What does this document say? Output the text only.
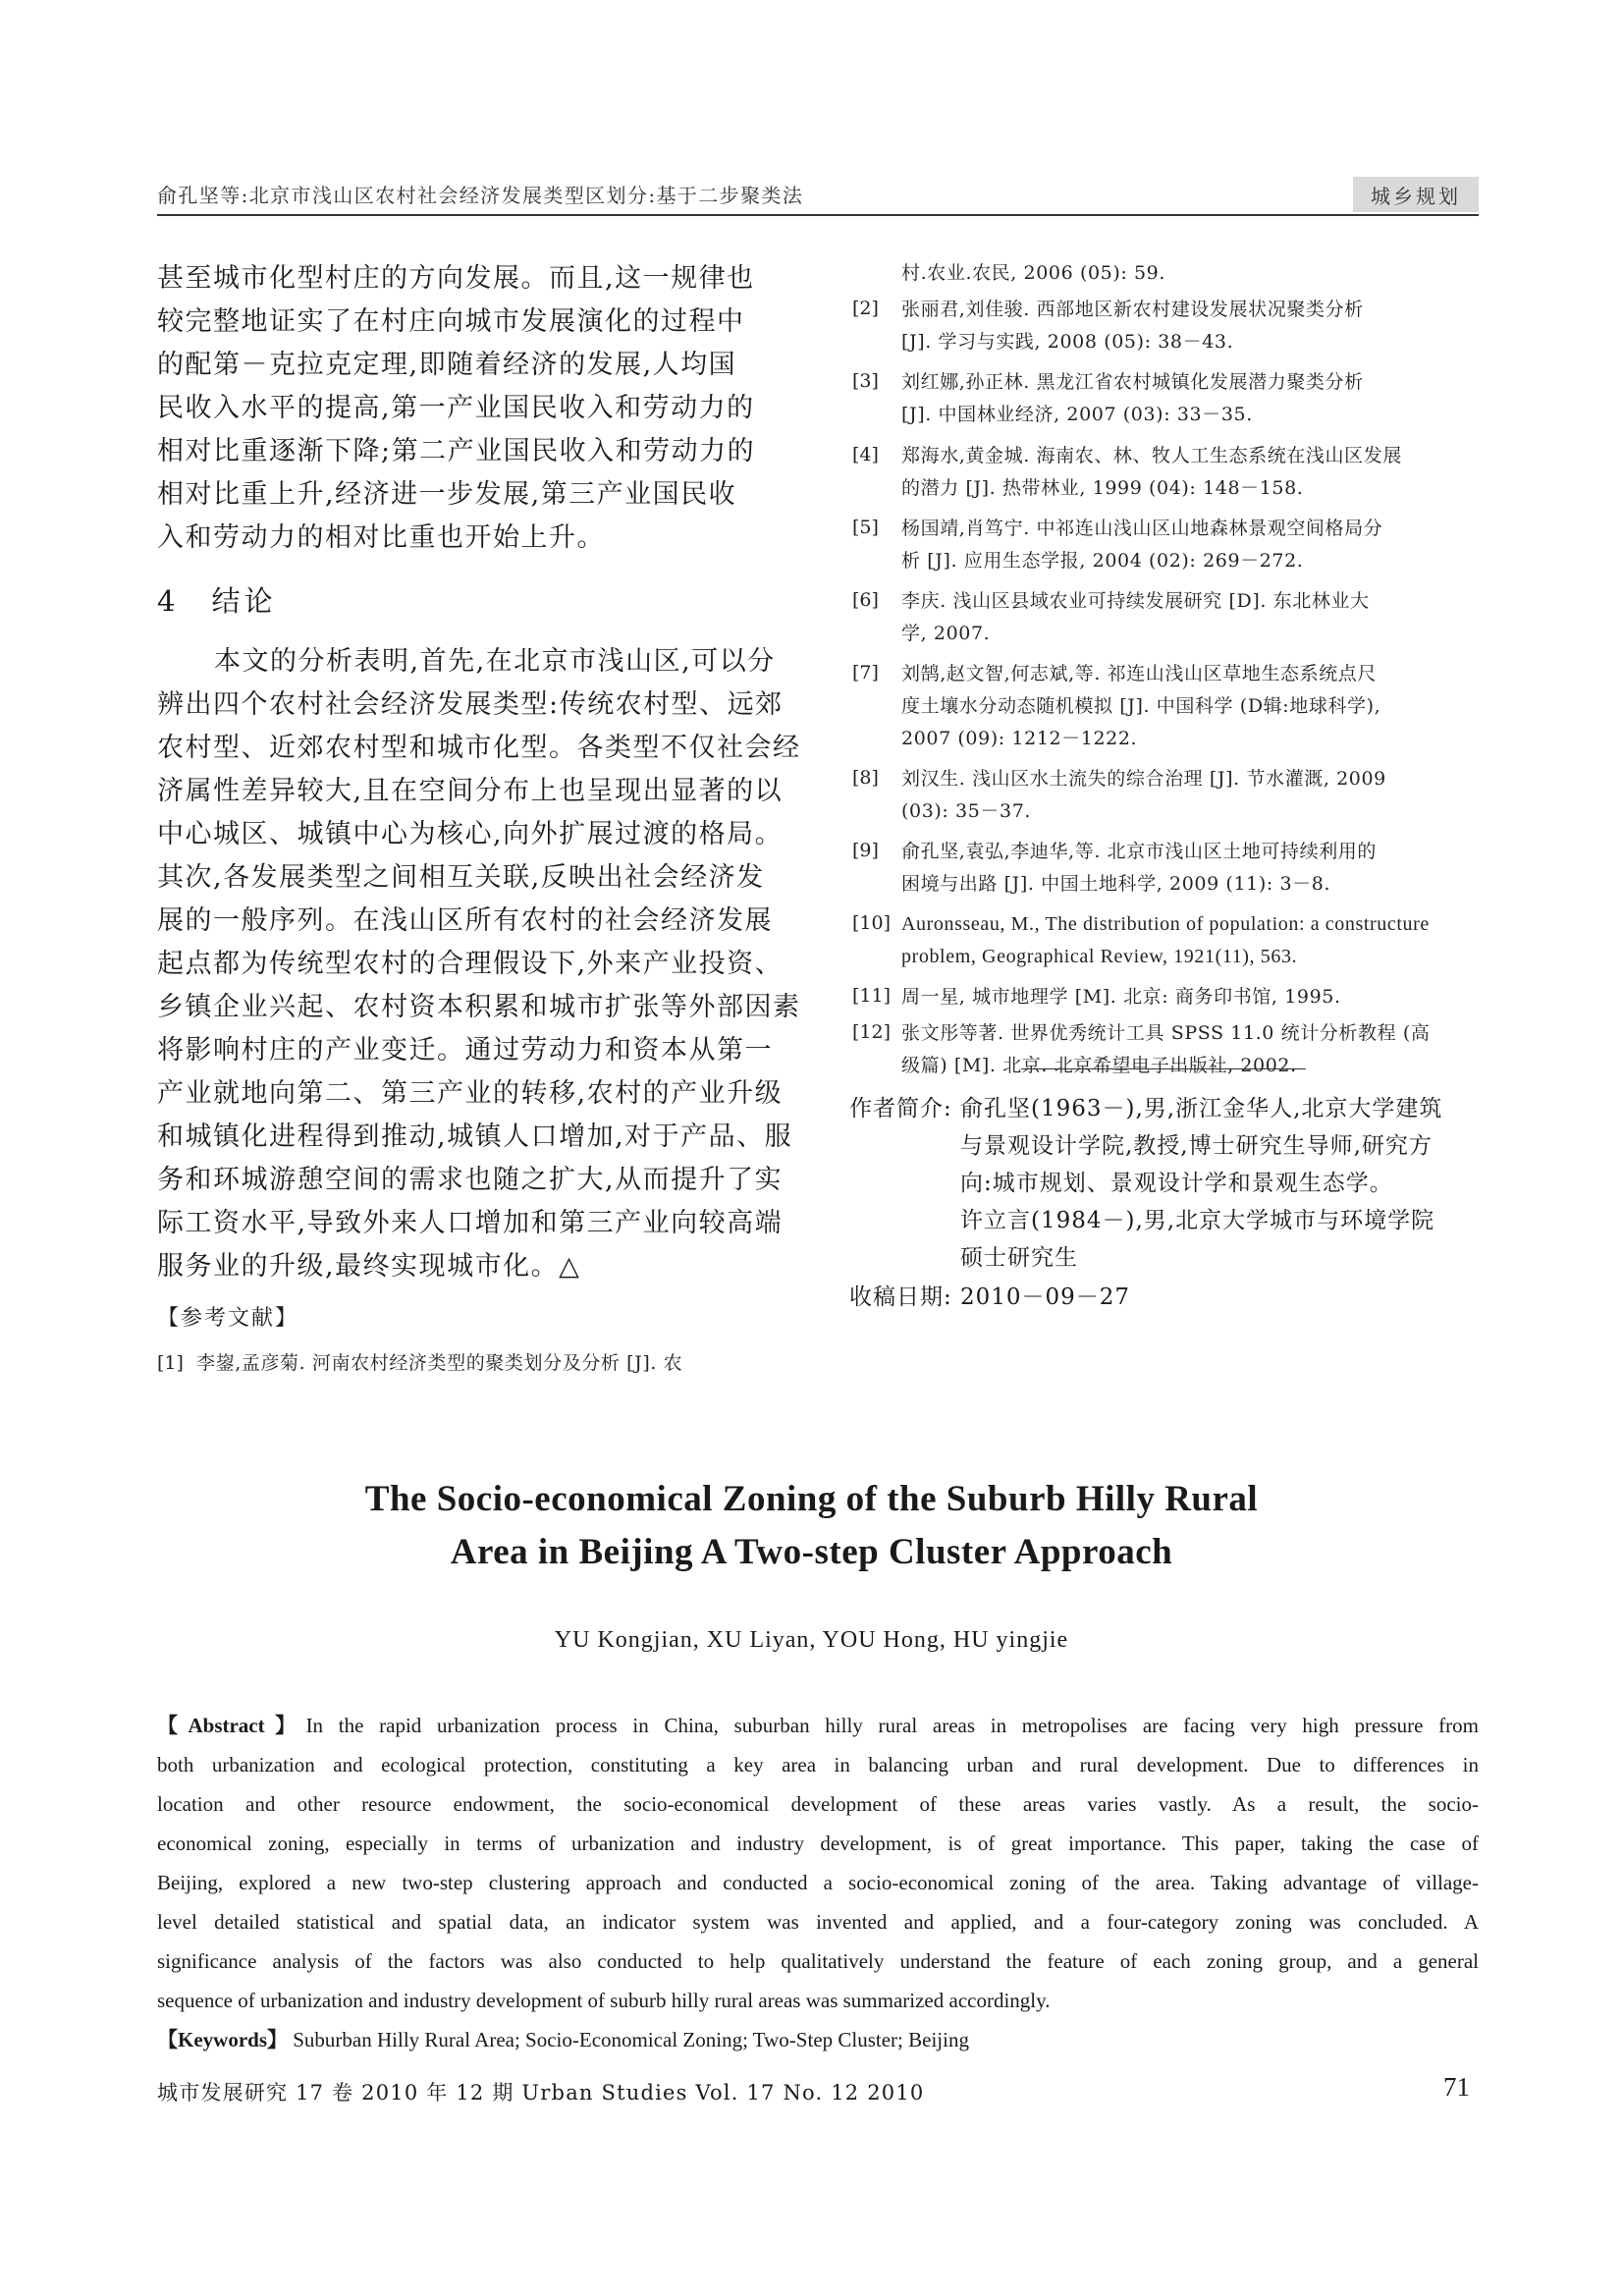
俞孔坚等:北京市浅山区农村社会经济发展类型区划分:基于二步聚类法	城乡规划
甚至城市化型村庄的方向发展。而且,这一规律也
较完整地证实了在村庄向城市发展演化的过程中
的配第－克拉克定理,即随着经济的发展,人均国
民收入水平的提高,第一产业国民收入和劳动力的
相对比重逐渐下降;第二产业国民收入和劳动力的
相对比重上升,经济进一步发展,第三产业国民收
入和劳动力的相对比重也开始上升。
4　结论
本文的分析表明,首先,在北京市浅山区,可以分
辨出四个农村社会经济发展类型:传统农村型、远郊
农村型、近郊农村型和城市化型。各类型不仅社会经
济属性差异较大,且在空间分布上也呈现出显著的以
中心城区、城镇中心为核心,向外扩展过渡的格局。
其次,各发展类型之间相互关联,反映出社会经济发
展的一般序列。在浅山区所有农村的社会经济发展
起点都为传统型农村的合理假设下,外来产业投资、
乡镇企业兴起、农村资本积累和城市扩张等外部因素
将影响村庄的产业变迁。通过劳动力和资本从第一
产业就地向第二、第三产业的转移,农村的产业升级
和城镇化进程得到推动,城镇人口增加,对于产品、服
务和环城游憩空间的需求也随之扩大,从而提升了实
际工资水平,导致外来人口增加和第三产业向较高端
服务业的升级,最终实现城市化。△
【参考文献】
[1] 李鋆,孟彦菊. 河南农村经济类型的聚类划分及分析 [J]. 农
村.农业.农民, 2006 (05): 59.
[2] 张丽君,刘佳骏. 西部地区新农村建设发展状况聚类分析
[J]. 学习与实践, 2008 (05): 38－43.
[3] 刘红娜,孙正林. 黑龙江省农村城镇化发展潜力聚类分析
[J]. 中国林业经济, 2007 (03): 33－35.
[4] 郑海水,黄金城. 海南农、林、牧人工生态系统在浅山区发展
的潜力 [J]. 热带林业, 1999 (04): 148－158.
[5] 杨国靖,肖笃宁. 中祁连山浅山区山地森林景观空间格局分
析 [J]. 应用生态学报, 2004 (02): 269－272.
[6] 李庆. 浅山区县域农业可持续发展研究 [D]. 东北林业大
学, 2007.
[7] 刘鹄,赵文智,何志斌,等. 祁连山浅山区草地生态系统点尺
度土壤水分动态随机模拟 [J]. 中国科学 (D辑:地球科学),
2007 (09): 1212－1222.
[8] 刘汉生. 浅山区水土流失的综合治理 [J]. 节水灌溉, 2009
(03): 35－37.
[9] 俞孔坚,袁弘,李迪华,等. 北京市浅山区土地可持续利用的
困境与出路 [J]. 中国土地科学, 2009 (11): 3－8.
[10] Auronsseau, M., The distribution of population: a constructure
problem, Geographical Review, 1921(11), 563.
[11] 周一星, 城市地理学 [M]. 北京: 商务印书馆, 1995.
[12] 张文彤等著. 世界优秀统计工具 SPSS 11.0 统计分析教程 (高
级篇) [M]. 北京. 北京希望电子出版社, 2002.
作者简介: 俞孔坚(1963－),男,浙江金华人,北京大学建筑
与景观设计学院,教授,博士研究生导师,研究方
向:城市规划、景观设计学和景观生态学。
许立言(1984－),男,北京大学城市与环境学院
硕士研究生
收稿日期: 2010－09－27
The Socio-economical Zoning of the Suburb Hilly Rural
Area in Beijing A Two-step Cluster Approach
YU Kongjian, XU Liyan, YOU Hong, HU yingjie
【Abstract】In the rapid urbanization process in China, suburban hilly rural areas in metropolises are facing very high pressure from
both urbanization and ecological protection, constituting a key area in balancing urban and rural development. Due to differences in
location and other resource endowment, the socio-economical development of these areas varies vastly. As a result, the socio-
economical zoning, especially in terms of urbanization and industry development, is of great importance. This paper, taking the case of
Beijing, explored a new two-step clustering approach and conducted a socio-economical zoning of the area. Taking advantage of village-
level detailed statistical and spatial data, an indicator system was invented and applied, and a four-category zoning was concluded. A
significance analysis of the factors was also conducted to help qualitatively understand the feature of each zoning group, and a general
sequence of urbanization and industry development of suburb hilly rural areas was summarized accordingly.
【Keywords】 Suburban Hilly Rural Area; Socio-Economical Zoning; Two-Step Cluster; Beijing
城市发展研究 17 卷 2010 年 12 期 Urban Studies Vol. 17 No. 12 2010	71
